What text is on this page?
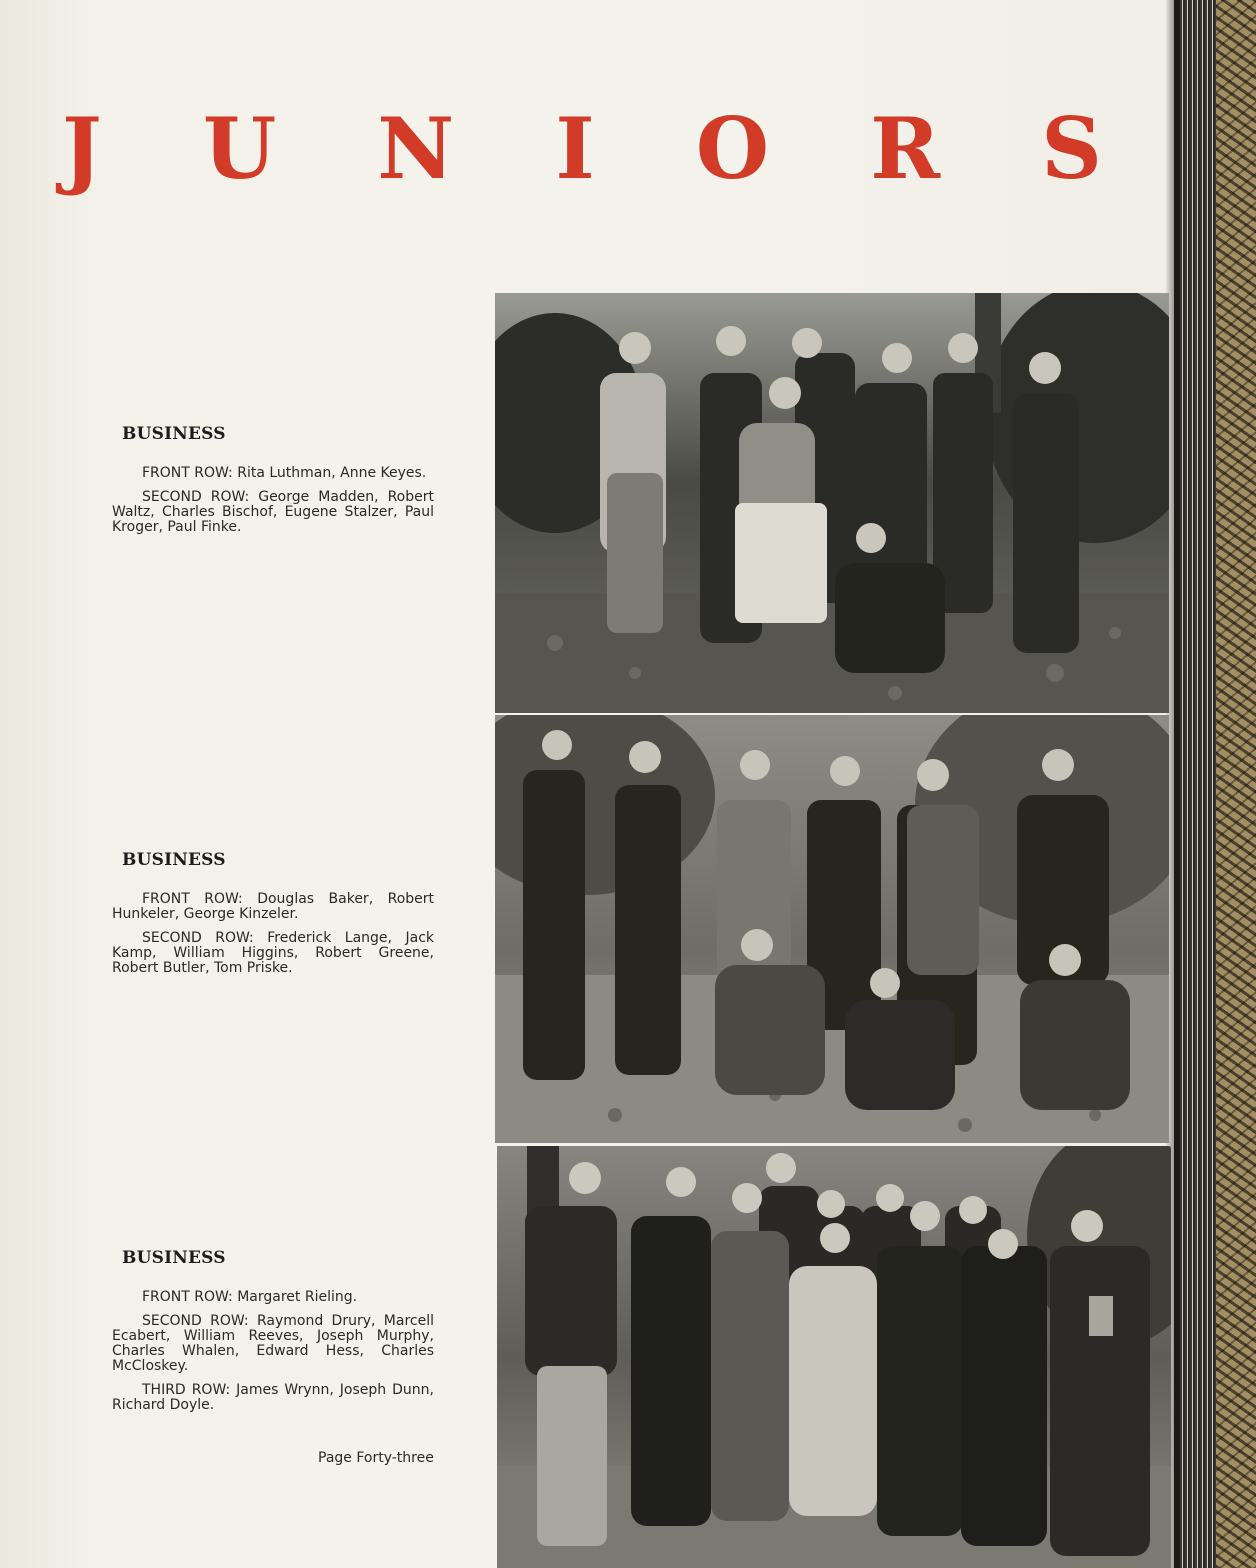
J U N I O R S
BUSINESS

FRONT ROW: Rita Luthman, Anne Keyes.

SECOND ROW: George Madden, Robert Waltz, Charles Bischof, Eugene Stalzer, Paul Kroger, Paul Finke.

BUSINESS

FRONT ROW: Douglas Baker, Robert Hunkeler, George Kinzeler.

SECOND ROW: Frederick Lange, Jack Kamp, William Higgins, Robert Greene, Robert Butler, Tom Priske.

BUSINESS

FRONT ROW: Margaret Rieling.

SECOND ROW: Raymond Drury, Marcell Ecabert, William Reeves, Joseph Murphy, Charles Whalen, Edward Hess, Charles McCloskey.

THIRD ROW: James Wrynn, Joseph Dunn, Richard Doyle.

Page Forty-three
